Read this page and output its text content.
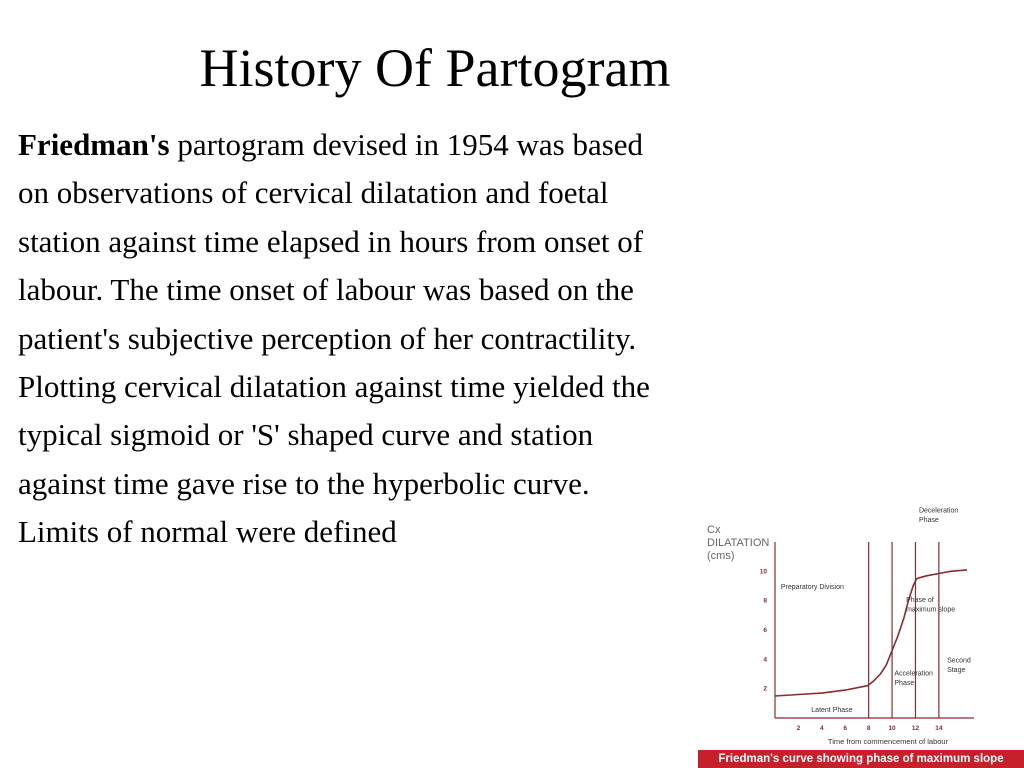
History Of Partogram
Friedman's partogram devised in 1954 was based
on observations of cervical dilatation and foetal
station against time elapsed in hours from onset of
labour. The time onset of labour was based on the
patient's subjective perception of her contractility.
Plotting cervical dilatation against time yielded the
typical sigmoid or 'S' shaped curve and station
against time gave rise to the hyperbolic curve.
Limits of normal were defined	Cx
DILATATION
(cms)
2
4
6
8
10
2	4	6	8	10 12 14
Preparatory Division
Latent Phase
Acceleration Phase
Phase of maximum slope
Deceleration Phase
Second Stage
Time from commencement of labour
Friedman's curve showing phase of maximum slope
